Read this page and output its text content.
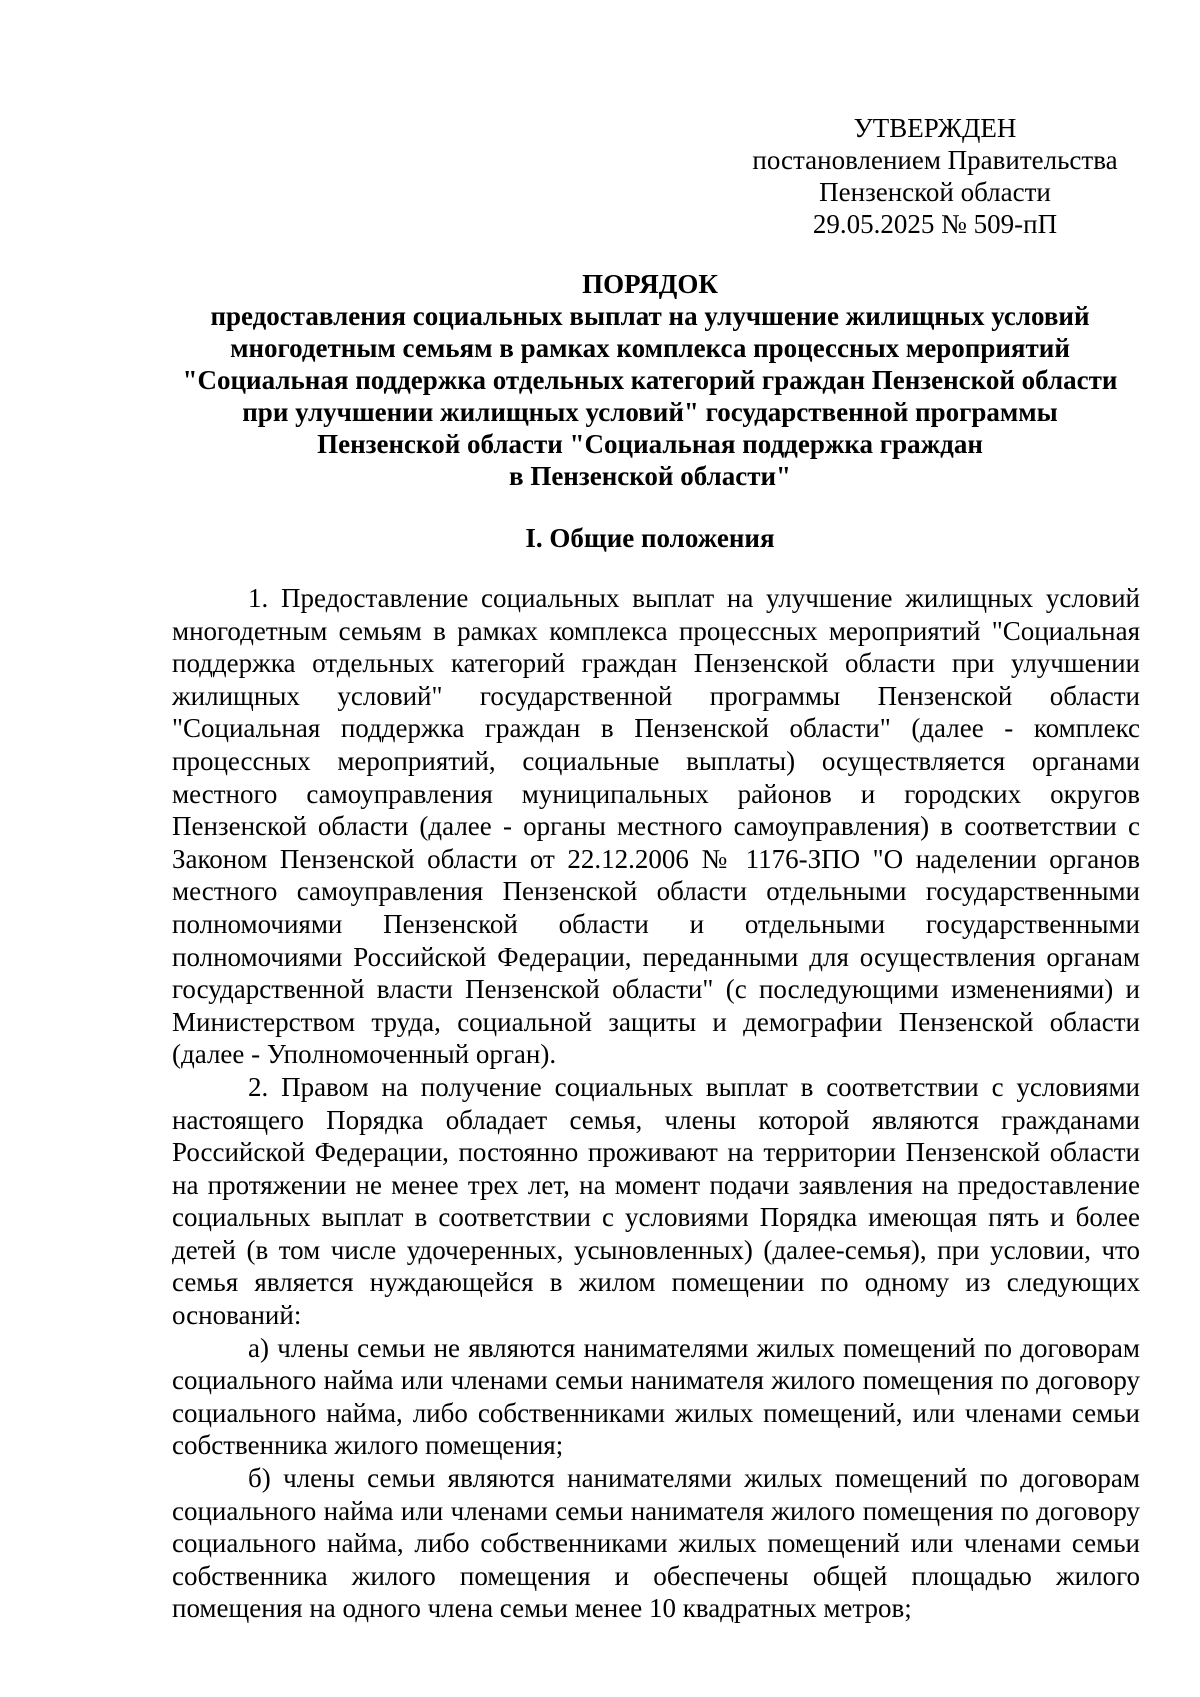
УТВЕРЖДЕН
постановлением Правительства
Пензенской области
29.05.2025 № 509-пП
ПОРЯДОК
предоставления социальных выплат на улучшение жилищных условий
многодетным семьям в рамках комплекса процессных мероприятий
"Социальная поддержка отдельных категорий граждан Пензенской области
при улучшении жилищных условий" государственной программы
Пензенской области "Социальная поддержка граждан
в Пензенской области"
I. Общие положения

1. Предоставление социальных выплат на улучшение жилищных условий многодетным семьям в рамках комплекса процессных мероприятий "Социальная поддержка отдельных категорий граждан Пензенской области при улучшении жилищных условий" государственной программы Пензенской области "Социальная поддержка граждан в Пензенской области" (далее - комплекс процессных мероприятий, социальные выплаты) осуществляется органами местного самоуправления муниципальных районов и городских округов Пензенской области (далее - органы местного самоуправления) в соответствии с Законом Пензенской области от 22.12.2006 № 1176-ЗПО "О наделении органов местного самоуправления Пензенской области отдельными государственными полномочиями Пензенской области и отдельными государственными полномочиями Российской Федерации, переданными для осуществления органам государственной власти Пензенской области" (с последующими изменениями) и Министерством труда, социальной защиты и демографии Пензенской области (далее - Уполномоченный орган).

2. Правом на получение социальных выплат в соответствии с условиями настоящего Порядка обладает семья, члены которой являются гражданами Российской Федерации, постоянно проживают на территории Пензенской области на протяжении не менее трех лет, на момент подачи заявления на предоставление социальных выплат в соответствии с условиями Порядка имеющая пять и более детей (в том числе удочеренных, усыновленных) (далее-семья), при условии, что семья является нуждающейся в жилом помещении по одному из следующих оснований:

а) члены семьи не являются нанимателями жилых помещений по договорам социального найма или членами семьи нанимателя жилого помещения по договору социального найма, либо собственниками жилых помещений, или членами семьи собственника жилого помещения;

б) члены семьи являются нанимателями жилых помещений по договорам социального найма или членами семьи нанимателя жилого помещения по договору социального найма, либо собственниками жилых помещений или членами семьи собственника жилого помещения и обеспечены общей площадью жилого помещения на одного члена семьи менее 10 квадратных метров;
